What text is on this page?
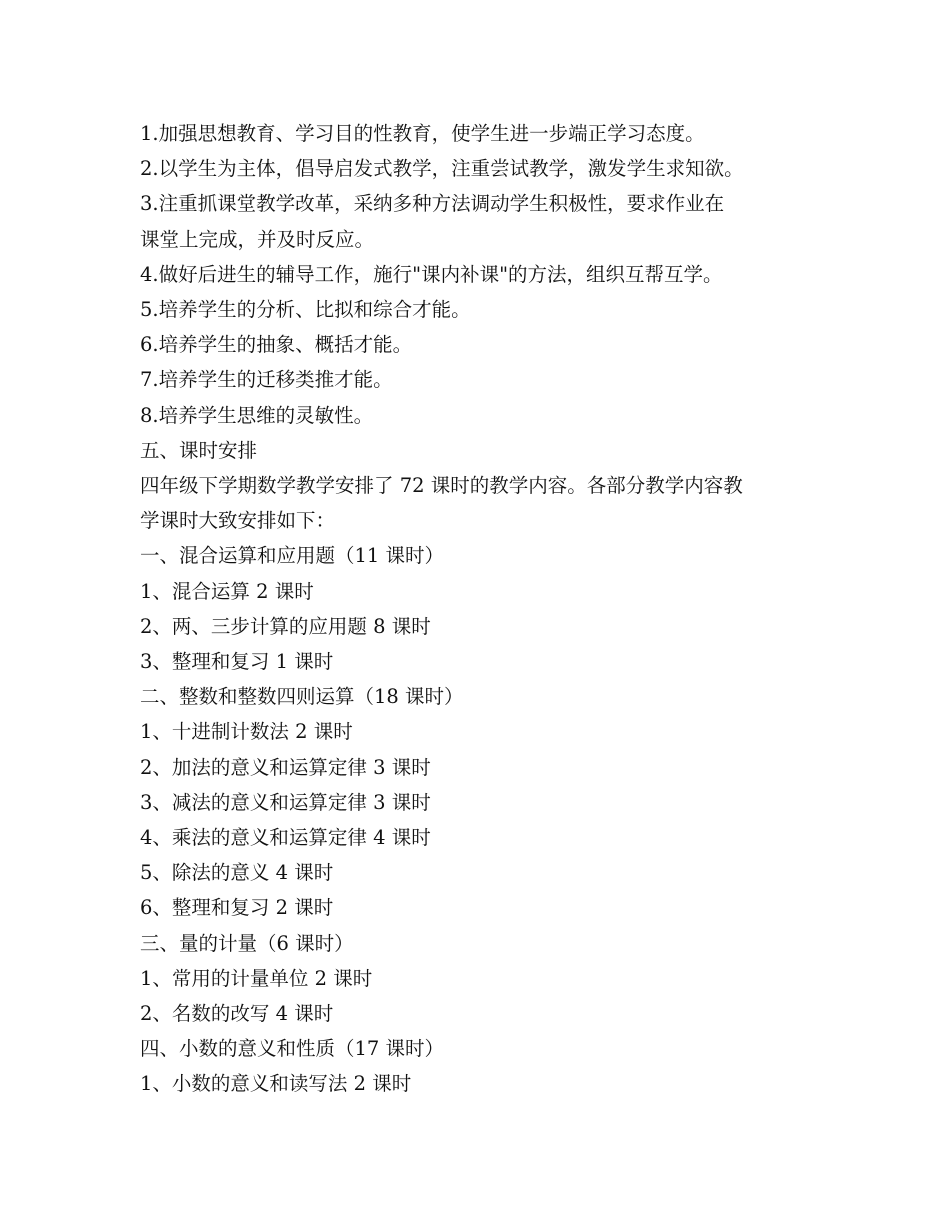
1.加强思想教育、学习目的性教育，使学生进一步端正学习态度。

2.以学生为主体，倡导启发式教学，注重尝试教学，激发学生求知欲。

3.注重抓课堂教学改革，采纳多种方法调动学生积极性，要求作业在

课堂上完成，并及时反应。

4.做好后进生的辅导工作，施行"课内补课"的方法，组织互帮互学。

5.培养学生的分析、比拟和综合才能。

6.培养学生的抽象、概括才能。

7.培养学生的迁移类推才能。

8.培养学生思维的灵敏性。

五、课时安排

四年级下学期数学教学安排了 72 课时的教学内容。各部分教学内容教

学课时大致安排如下：

一、混合运算和应用题（11 课时）

1、混合运算 2 课时

2、两、三步计算的应用题 8 课时

3、整理和复习 1 课时

二、整数和整数四则运算（18 课时）

1、十进制计数法 2 课时

2、加法的意义和运算定律 3 课时

3、减法的意义和运算定律 3 课时

4、乘法的意义和运算定律 4 课时

5、除法的意义 4 课时

6、整理和复习 2 课时

三、量的计量（6 课时）

1、常用的计量单位 2 课时

2、名数的改写 4 课时

四、小数的意义和性质（17 课时）

1、小数的意义和读写法 2 课时
